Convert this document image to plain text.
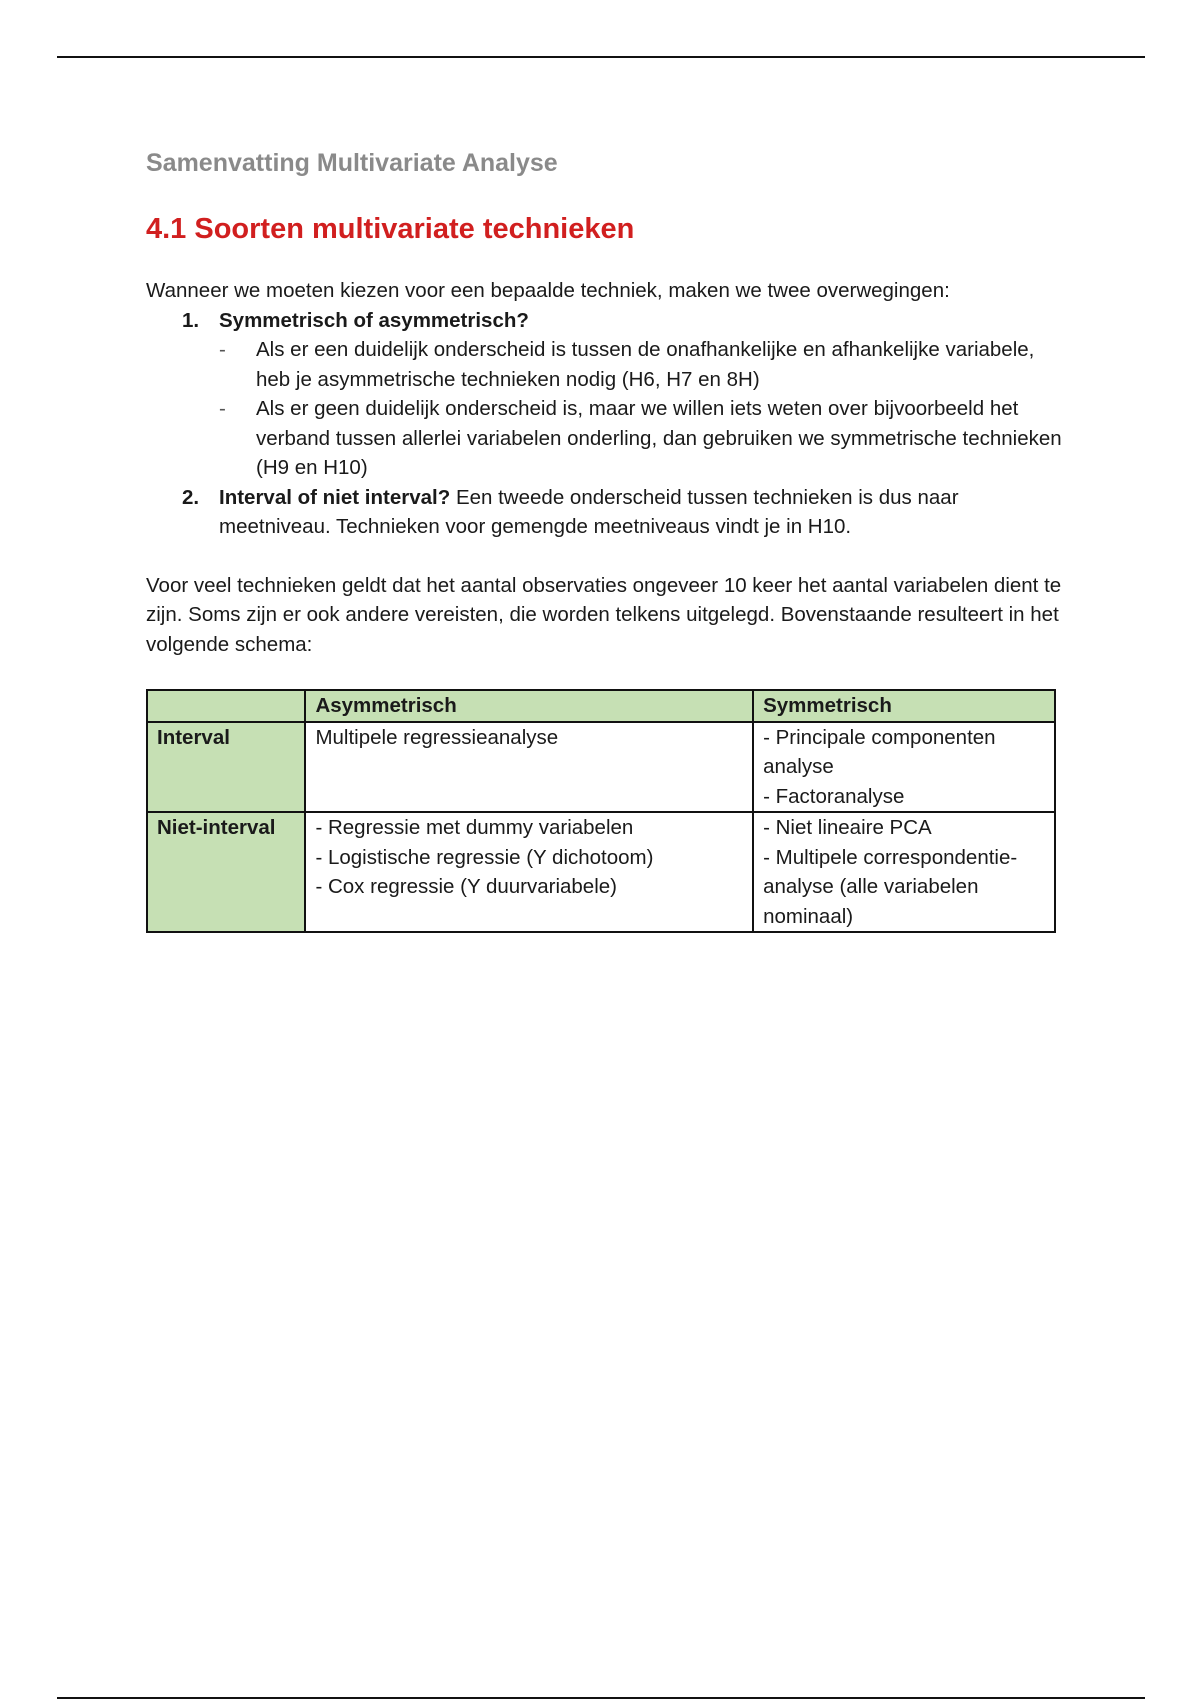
Samenvatting Multivariate Analyse
4.1 Soorten multivariate technieken

Wanneer we moeten kiezen voor een bepaalde techniek, maken we twee overwegingen:

1. Symmetrisch of asymmetrisch?
- Als er een duidelijk onderscheid is tussen de onafhankelijke en afhankelijke variabele, heb je asymmetrische technieken nodig (H6, H7 en 8H)
- Als er geen duidelijk onderscheid is, maar we willen iets weten over bijvoorbeeld het verband tussen allerlei variabelen onderling, dan gebruiken we symmetrische technieken (H9 en H10)
2. Interval of niet interval? Een tweede onderscheid tussen technieken is dus naar meetniveau. Technieken voor gemengde meetniveaus vindt je in H10.

Voor veel technieken geldt dat het aantal observaties ongeveer 10 keer het aantal variabelen dient te zijn. Soms zijn er ook andere vereisten, die worden telkens uitgelegd. Bovenstaande resulteert in het volgende schema:

	Asymmetrisch	Symmetrisch
Interval	Multipele regressieanalyse	- Principale componenten analyse
- Factoranalyse

Niet-interval	- Regressie met dummy variabelen
- Logistische regressie (Y dichotoom)
- Cox regressie (Y duurvariabele)	- Niet lineaire PCA
- Multipele correspondentie-analyse (alle variabelen nominaal)
